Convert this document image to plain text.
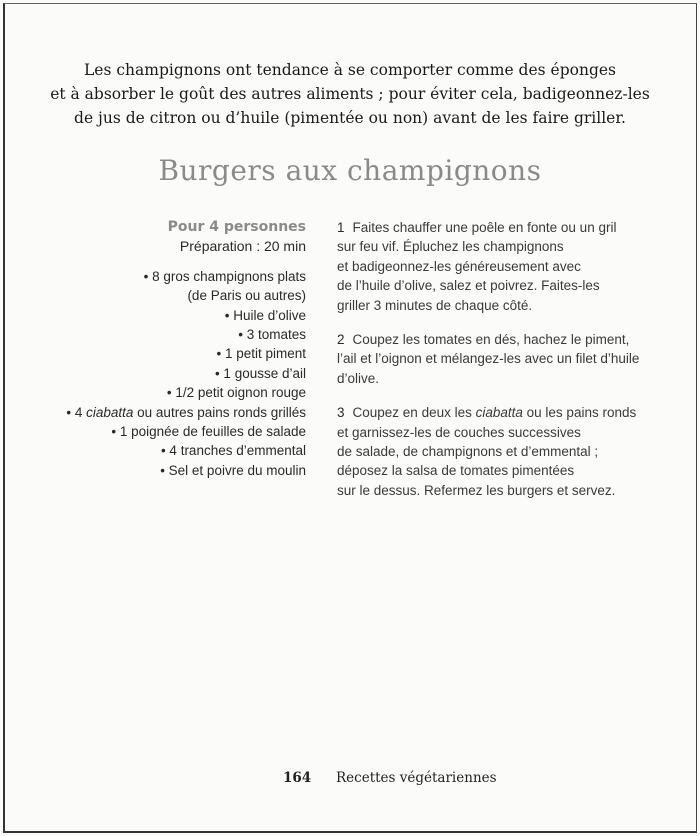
Les champignons ont tendance à se comporter comme des éponges
et à absorber le goût des autres aliments ; pour éviter cela, badigeonnez-les
de jus de citron ou d’huile (pimentée ou non) avant de les faire griller.
Burgers aux champignons
Pour 4 personnes
Préparation : 20 min
• 8 gros champignons plats
(de Paris ou autres)
• Huile d’olive
• 3 tomates
• 1 petit piment
• 1 gousse d’ail
• 1/2 petit oignon rouge
• 4 ciabatta ou autres pains ronds grillés
• 1 poignée de feuilles de salade
• 4 tranches d’emmental
• Sel et poivre du moulin
1 Faites chauffer une poêle en fonte ou un gril
sur feu vif. Épluchez les champignons
et badigeonnez-les généreusement avec
de l’huile d’olive, salez et poivrez. Faites-les
griller 3 minutes de chaque côté.
2 Coupez les tomates en dés, hachez le piment,
l’ail et l’oignon et mélangez-les avec un filet d’huile
d’olive.
3 Coupez en deux les ciabatta ou les pains ronds
et garnissez-les de couches successives
de salade, de champignons et d’emmental ;
déposez la salsa de tomates pimentées
sur le dessus. Refermez les burgers et servez.
164 Recettes végétariennes
